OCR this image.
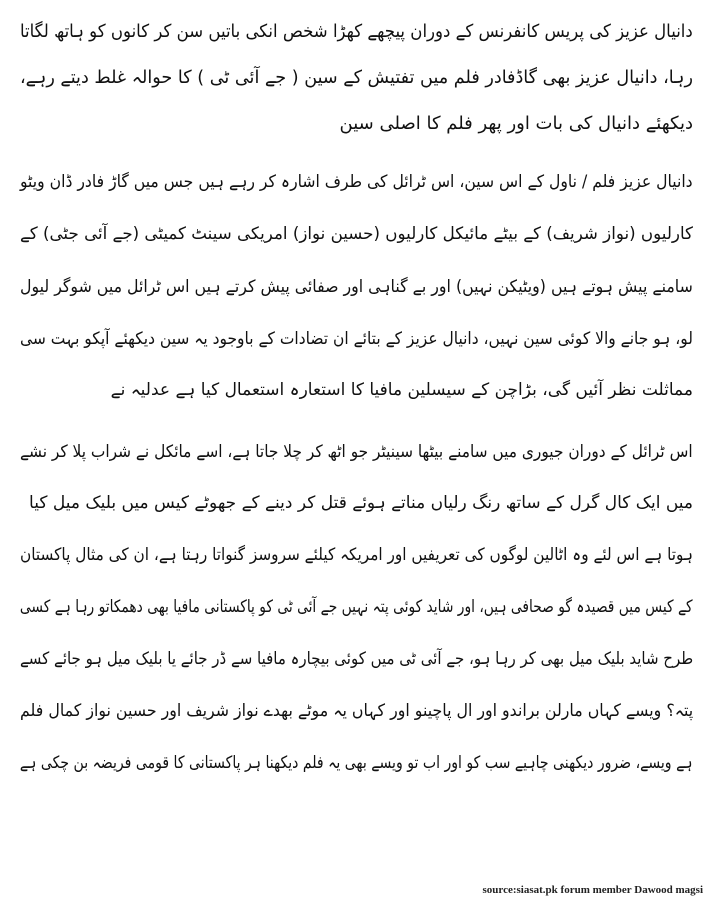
دانیال عزیز کی پریس کانفرنس کے دوران پیچھے کھڑا شخص انکی باتیں سن کر کانوں کو ہاتھ لگاتا
رہا، دانیال عزیز بھی گاڈفادر فلم میں تفتیش کے سین ( جے آئی ٹی ) کا حوالہ غلط دیتے رہے،
دیکھئے دانیال کی بات اور پھر فلم کا اصلی سین
دانیال عزیز فلم / ناول کے اس سین، اس ٹرائل کی طرف اشارہ کر رہے ہیں جس میں گاڑ فادر ڈان ویٹو
کارلیوں (نواز شریف) کے بیٹے مائیکل کارلیوں (حسین نواز) امریکی سینٹ کمیٹی (جے آئی جٹی) کے
سامنے پیش ہوتے ہیں (ویٹیکن نہیں) اور بے گناہی اور صفائی پیش کرتے ہیں اس ٹرائل میں شوگر لیول
لو، ہو جانے والا کوئی سین نہیں، دانیال عزیز کے بتائے ان تضادات کے باوجود یہ سین دیکھئے آپکو بہت سی
مماثلت نظر آئیں گی، بڑاچن کے سیسلین مافیا کا استعارہ استعمال کیا ہے عدلیہ نے
اس ٹرائل کے دوران جیوری میں سامنے بیٹھا سینیٹر جو اٹھ کر چلا جاتا ہے، اسے مائکل نے شراب پلا کر نشے
میں ایک کال گرل کے ساتھ رنگ رلیاں مناتے ہوئے قتل کر دینے کے جھوٹے کیس میں بلیک میل کیا
ہوتا ہے اس لئے وہ اٹالین لوگوں کی تعریفیں اور امریکہ کیلئے سروسز گنواتا رہتا ہے، ان کی مثال پاکستان
کے کیس میں قصیدہ گو صحافی ہیں، اور شاید کوئی پتہ نہیں جے آئی ٹی کو پاکستانی مافیا بھی دھمکاتو رہا ہے کسی
طرح شاید بلیک میل بھی کر رہا ہو، جے آئی ٹی میں کوئی بیچارہ مافیا سے ڈر جائے یا بلیک میل ہو جائے کسے
پتہ؟ ویسے کہاں مارلن براندو اور ال پاچینو اور کہاں یہ موٹے بھدے نواز شریف اور حسین نواز کمال فلم
ہے ویسے، ضرور دیکھنی چاہیے سب کو اور اب تو ویسے بھی یہ فلم دیکھنا ہر پاکستانی کا قومی فریضہ بن چکی ہے
source:siasat.pk forum member Dawood magsi
